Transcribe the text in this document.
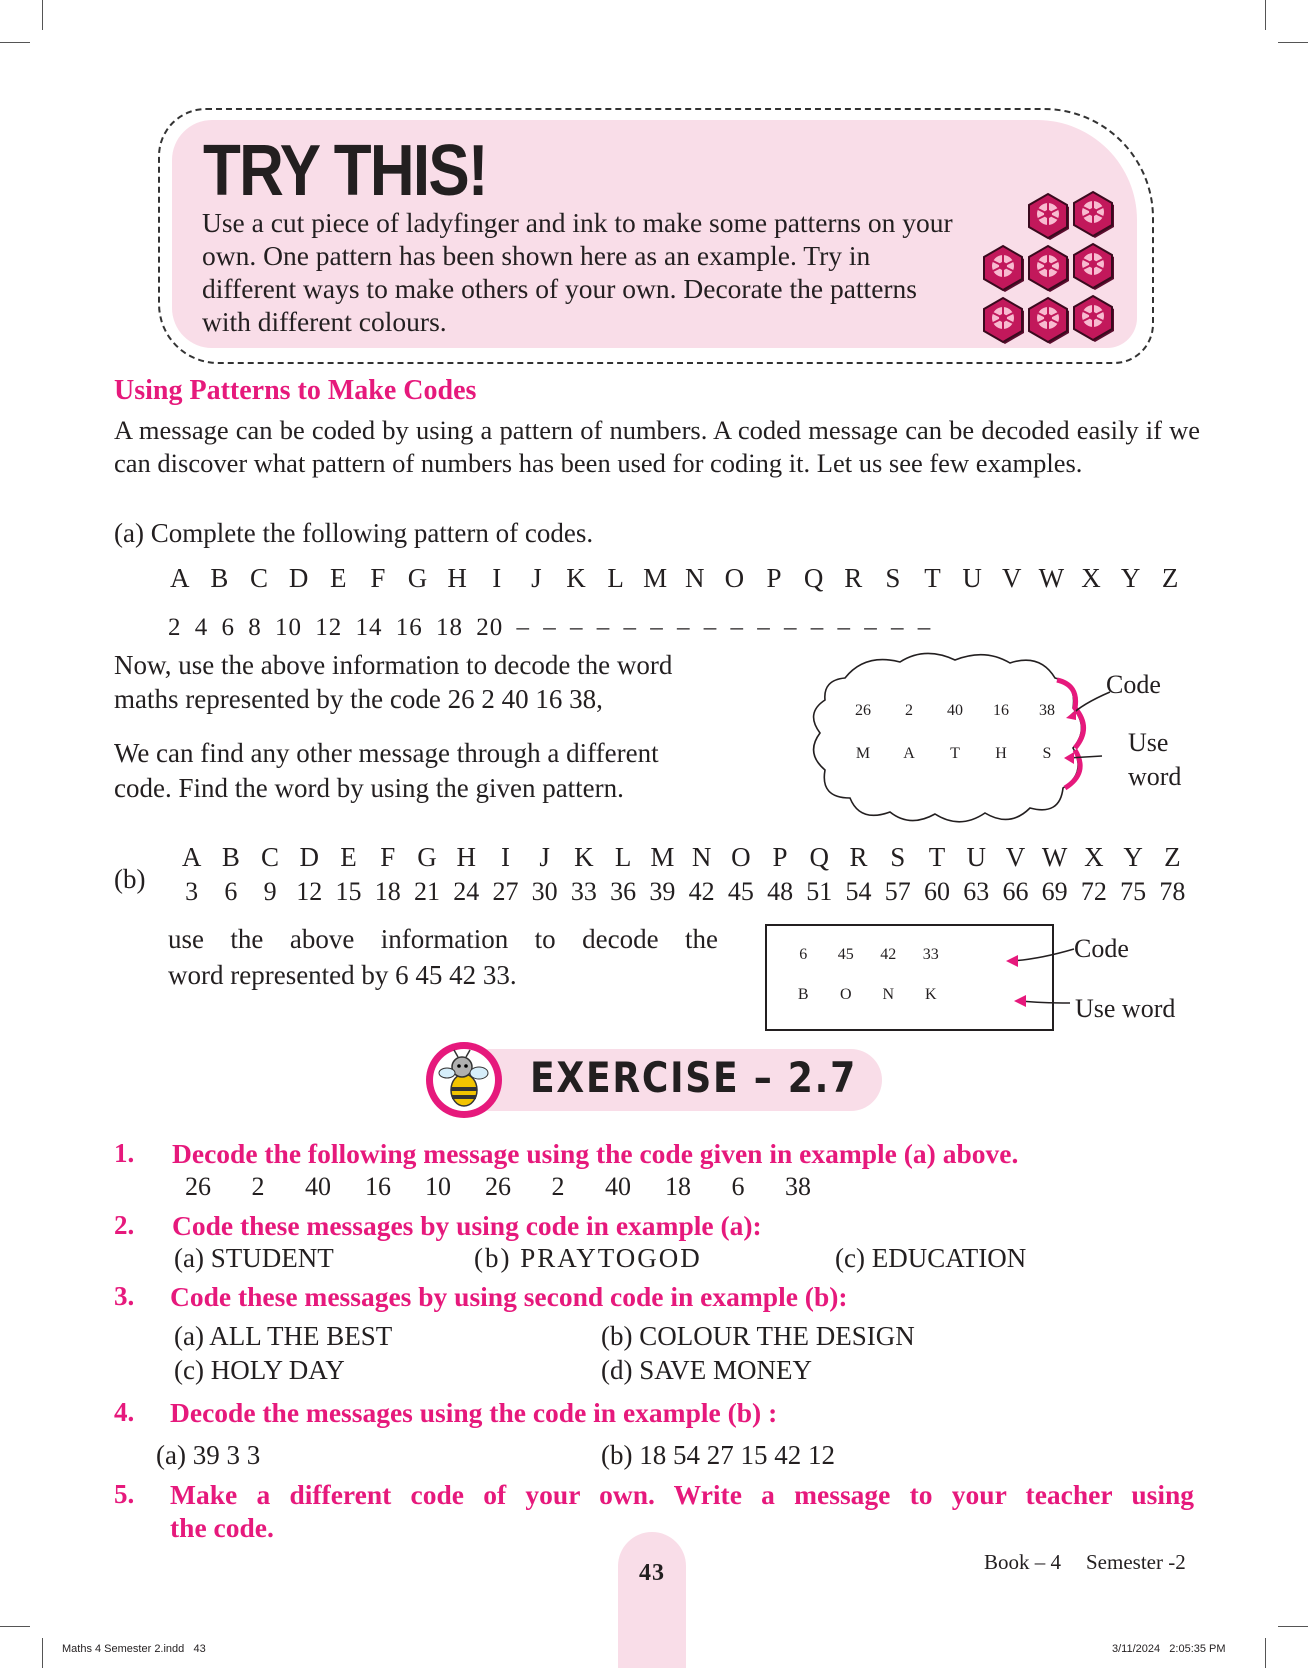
TRY THIS!
Use a cut piece of ladyfinger and ink to make some patterns on your own. One pattern has been shown here as an example. Try in different ways to make others of your own. Decorate the patterns with different colours.
Using Patterns to Make Codes
A message can be coded by using a pattern of numbers. A coded message can be decoded easily if we can discover what pattern of numbers has been used for coding it. Let us see few examples.
(a) Complete the following pattern of codes.
A B C D E F G H I	J K L M N O P Q R S T U V W X Y Z
2 4 6 8 10 12 14 16 18 20 – – – – – – – – – – – – – – – –
Now, use the above information to decode the word
maths represented by the code 26 2 40 16 38,
We can find any other message through a different
code. Find the word by using the given pattern.
26	2	40	16	38
M	A	T	H	S
Code
Use
word
(b)
A B C D E F G H I	J K L M N O P Q R S T U V W X Y Z
3	6	9 12 15 18 21 24 27 30 33 36 39 42 45 48 51 54 57 60 63 66 69 72 75 78
use the above information to decode the
word represented by 6 45 42 33.
6	45	42	33
B	O	N	K
Code
Use word
EXERCISE – 2.7
1. Decode the following message using the code given in example (a) above.
26	2	40	16	10	26	2	40	18	6	38
2. Code these messages by using code in example (a):
(a) STUDENT	(b) PRAYTOGOD	(c) EDUCATION
3. Code these messages by using second code in example (b):
(a) ALL THE BEST	(b) COLOUR THE DESIGN
(c) HOLY DAY	(d) SAVE MONEY
4. Decode the messages using the code in example (b) :
(a) 39 3 3	(b) 18 54 27 15 42 12
5. Make a different code of your own. Write a message to your teacher using
the code.
43	Book – 4 Semester -2
Maths 4 Semester 2.indd   43	3/11/2024   2:05:35 PM
